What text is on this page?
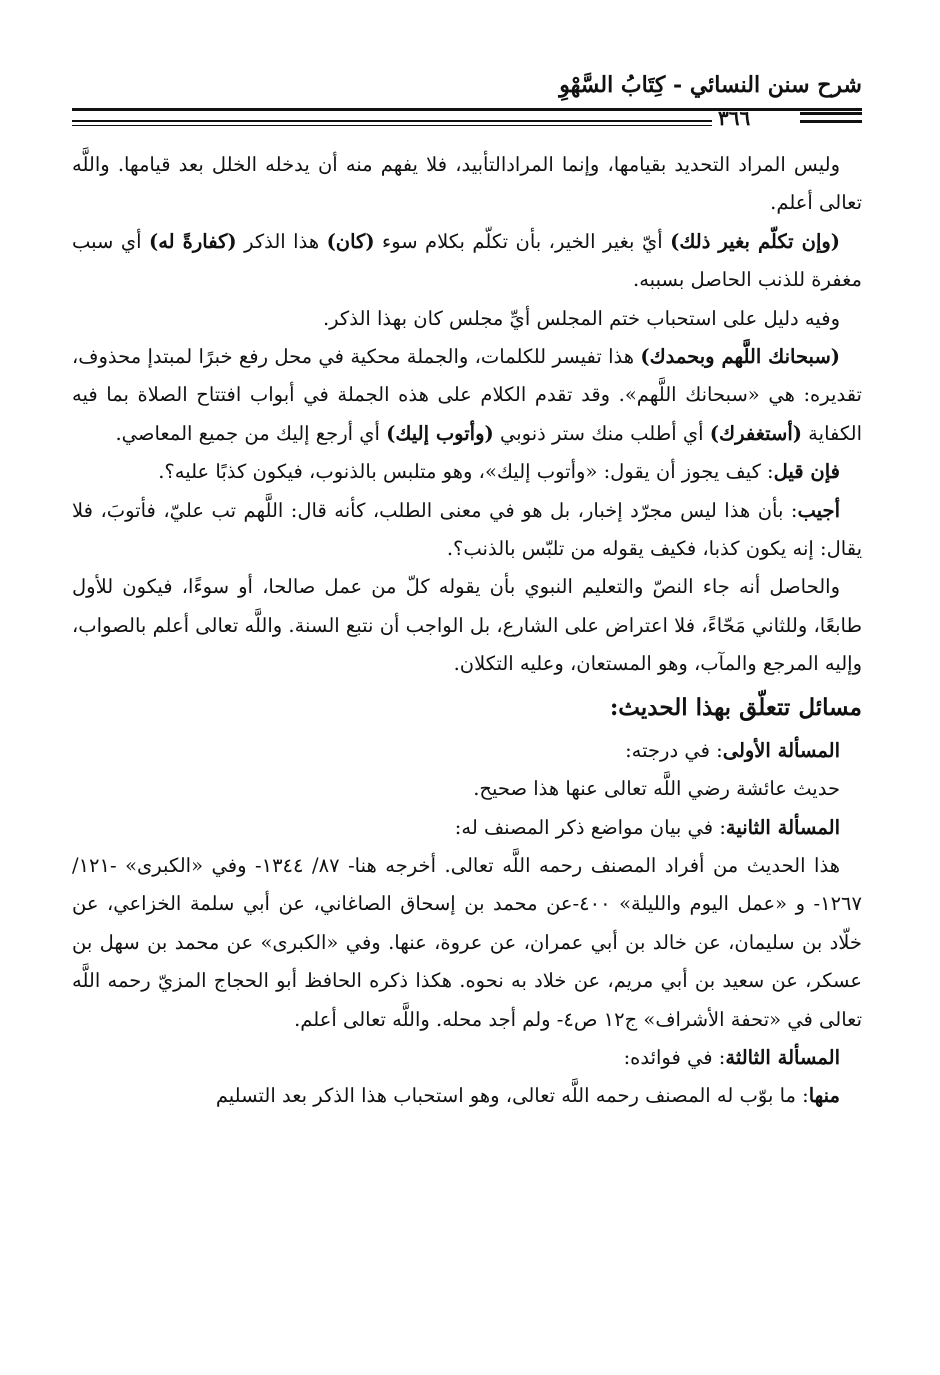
شرح سنن النسائي - كِتَابُ السَّهْوِ
٣٦٦

وليس المراد التحديد بقيامها، وإنما المرادالتأبيد، فلا يفهم منه أن يدخله الخلل بعد قيامها. واللَّه تعالى أعلم.

(وإن تكلّم بغير ذلك) أيّ بغير الخير، بأن تكلّم بكلام سوء (كان) هذا الذكر (كفارةً له) أي سبب مغفرة للذنب الحاصل بسببه.

وفيه دليل على استحباب ختم المجلس أيِّ مجلس كان بهذا الذكر.

(سبحانك اللَّهم وبحمدك) هذا تفيسر للكلمات، والجملة محكية في محل رفع خبرًا لمبتدإ محذوف، تقديره: هي «سبحانك اللَّهم». وقد تقدم الكلام على هذه الجملة في أبواب افتتاح الصلاة بما فيه الكفاية (أستغفرك) أي أطلب منك ستر ذنوبي (وأتوب إليك) أي أرجع إليك من جميع المعاصي.

فإن قيل: كيف يجوز أن يقول: «وأتوب إليك»، وهو متلبس بالذنوب، فيكون كذبًا عليه؟.

أجيب: بأن هذا ليس مجرّد إخبار، بل هو في معنى الطلب، كأنه قال: اللَّهم تب عليّ، فأتوبَ، فلا يقال: إنه يكون كذبا، فكيف يقوله من تلبّس بالذنب؟.

والحاصل أنه جاء النصّ والتعليم النبوي بأن يقوله كلّ من عمل صالحا، أو سوءًا، فيكون للأول طابعًا، وللثاني مَحّاءً، فلا اعتراض على الشارع، بل الواجب أن نتبع السنة. واللَّه تعالى أعلم بالصواب، وإليه المرجع والمآب، وهو المستعان، وعليه التكلان.

مسائل تتعلّق بهذا الحديث:

المسألة الأولى: في درجته:

حديث عائشة رضي اللَّه تعالى عنها هذا صحيح.

المسألة الثانية: في بيان مواضع ذكر المصنف له:

هذا الحديث من أفراد المصنف رحمه اللَّه تعالى. أخرجه هنا- ٨٧/ ١٣٤٤- وفي «الكبرى» -١٢١/ ١٢٦٧- و «عمل اليوم والليلة» ٤٠٠-عن محمد بن إسحاق الصاغاني، عن أبي سلمة الخزاعي، عن خلّاد بن سليمان، عن خالد بن أبي عمران، عن عروة، عنها. وفي «الكبرى» عن محمد بن سهل بن عسكر، عن سعيد بن أبي مريم، عن خلاد به نحوه. هكذا ذكره الحافظ أبو الحجاج المزيّ رحمه اللَّه تعالى في «تحفة الأشراف» ج١٢ ص٤- ولم أجد محله. واللَّه تعالى أعلم.

المسألة الثالثة: في فوائده:

منها: ما بوّب له المصنف رحمه اللَّه تعالى، وهو استحباب هذا الذكر بعد التسليم
